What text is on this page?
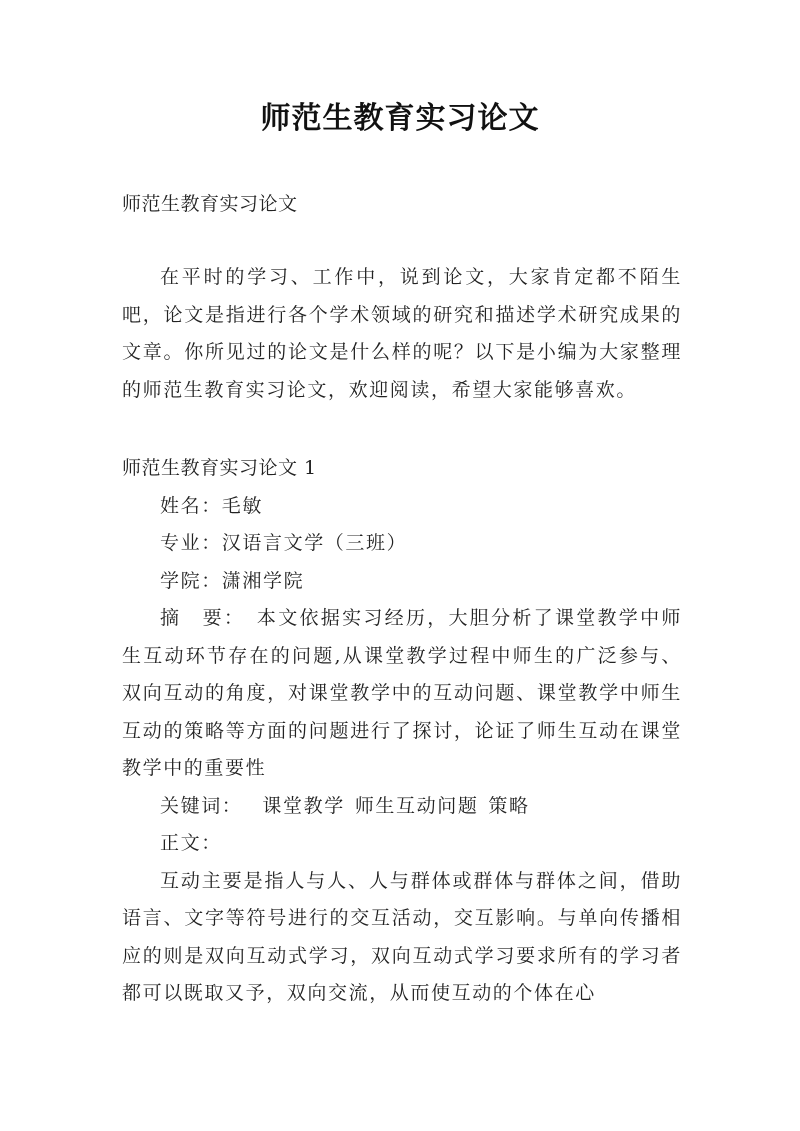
师范生教育实习论文

师范生教育实习论文

在平时的学习、工作中，说到论文，大家肯定都不陌生吧，论文是指进行各个学术领域的研究和描述学术研究成果的文章。你所见过的论文是什么样的呢？以下是小编为大家整理的师范生教育实习论文，欢迎阅读，希望大家能够喜欢。

师范生教育实习论文 1

姓名：毛敏

专业：汉语言文学（三班）

学院：潇湘学院

摘　要：　本文依据实习经历，大胆分析了课堂教学中师生互动环节存在的问题,从课堂教学过程中师生的广泛参与、双向互动的角度，对课堂教学中的互动问题、课堂教学中师生互动的策略等方面的问题进行了探讨，论证了师生互动在课堂教学中的重要性

关键词： 课堂教学 师生互动问题 策略

正文：

互动主要是指人与人、人与群体或群体与群体之间，借助语言、文字等符号进行的交互活动，交互影响。与单向传播相应的则是双向互动式学习，双向互动式学习要求所有的学习者都可以既取又予，双向交流，从而使互动的个体在心
